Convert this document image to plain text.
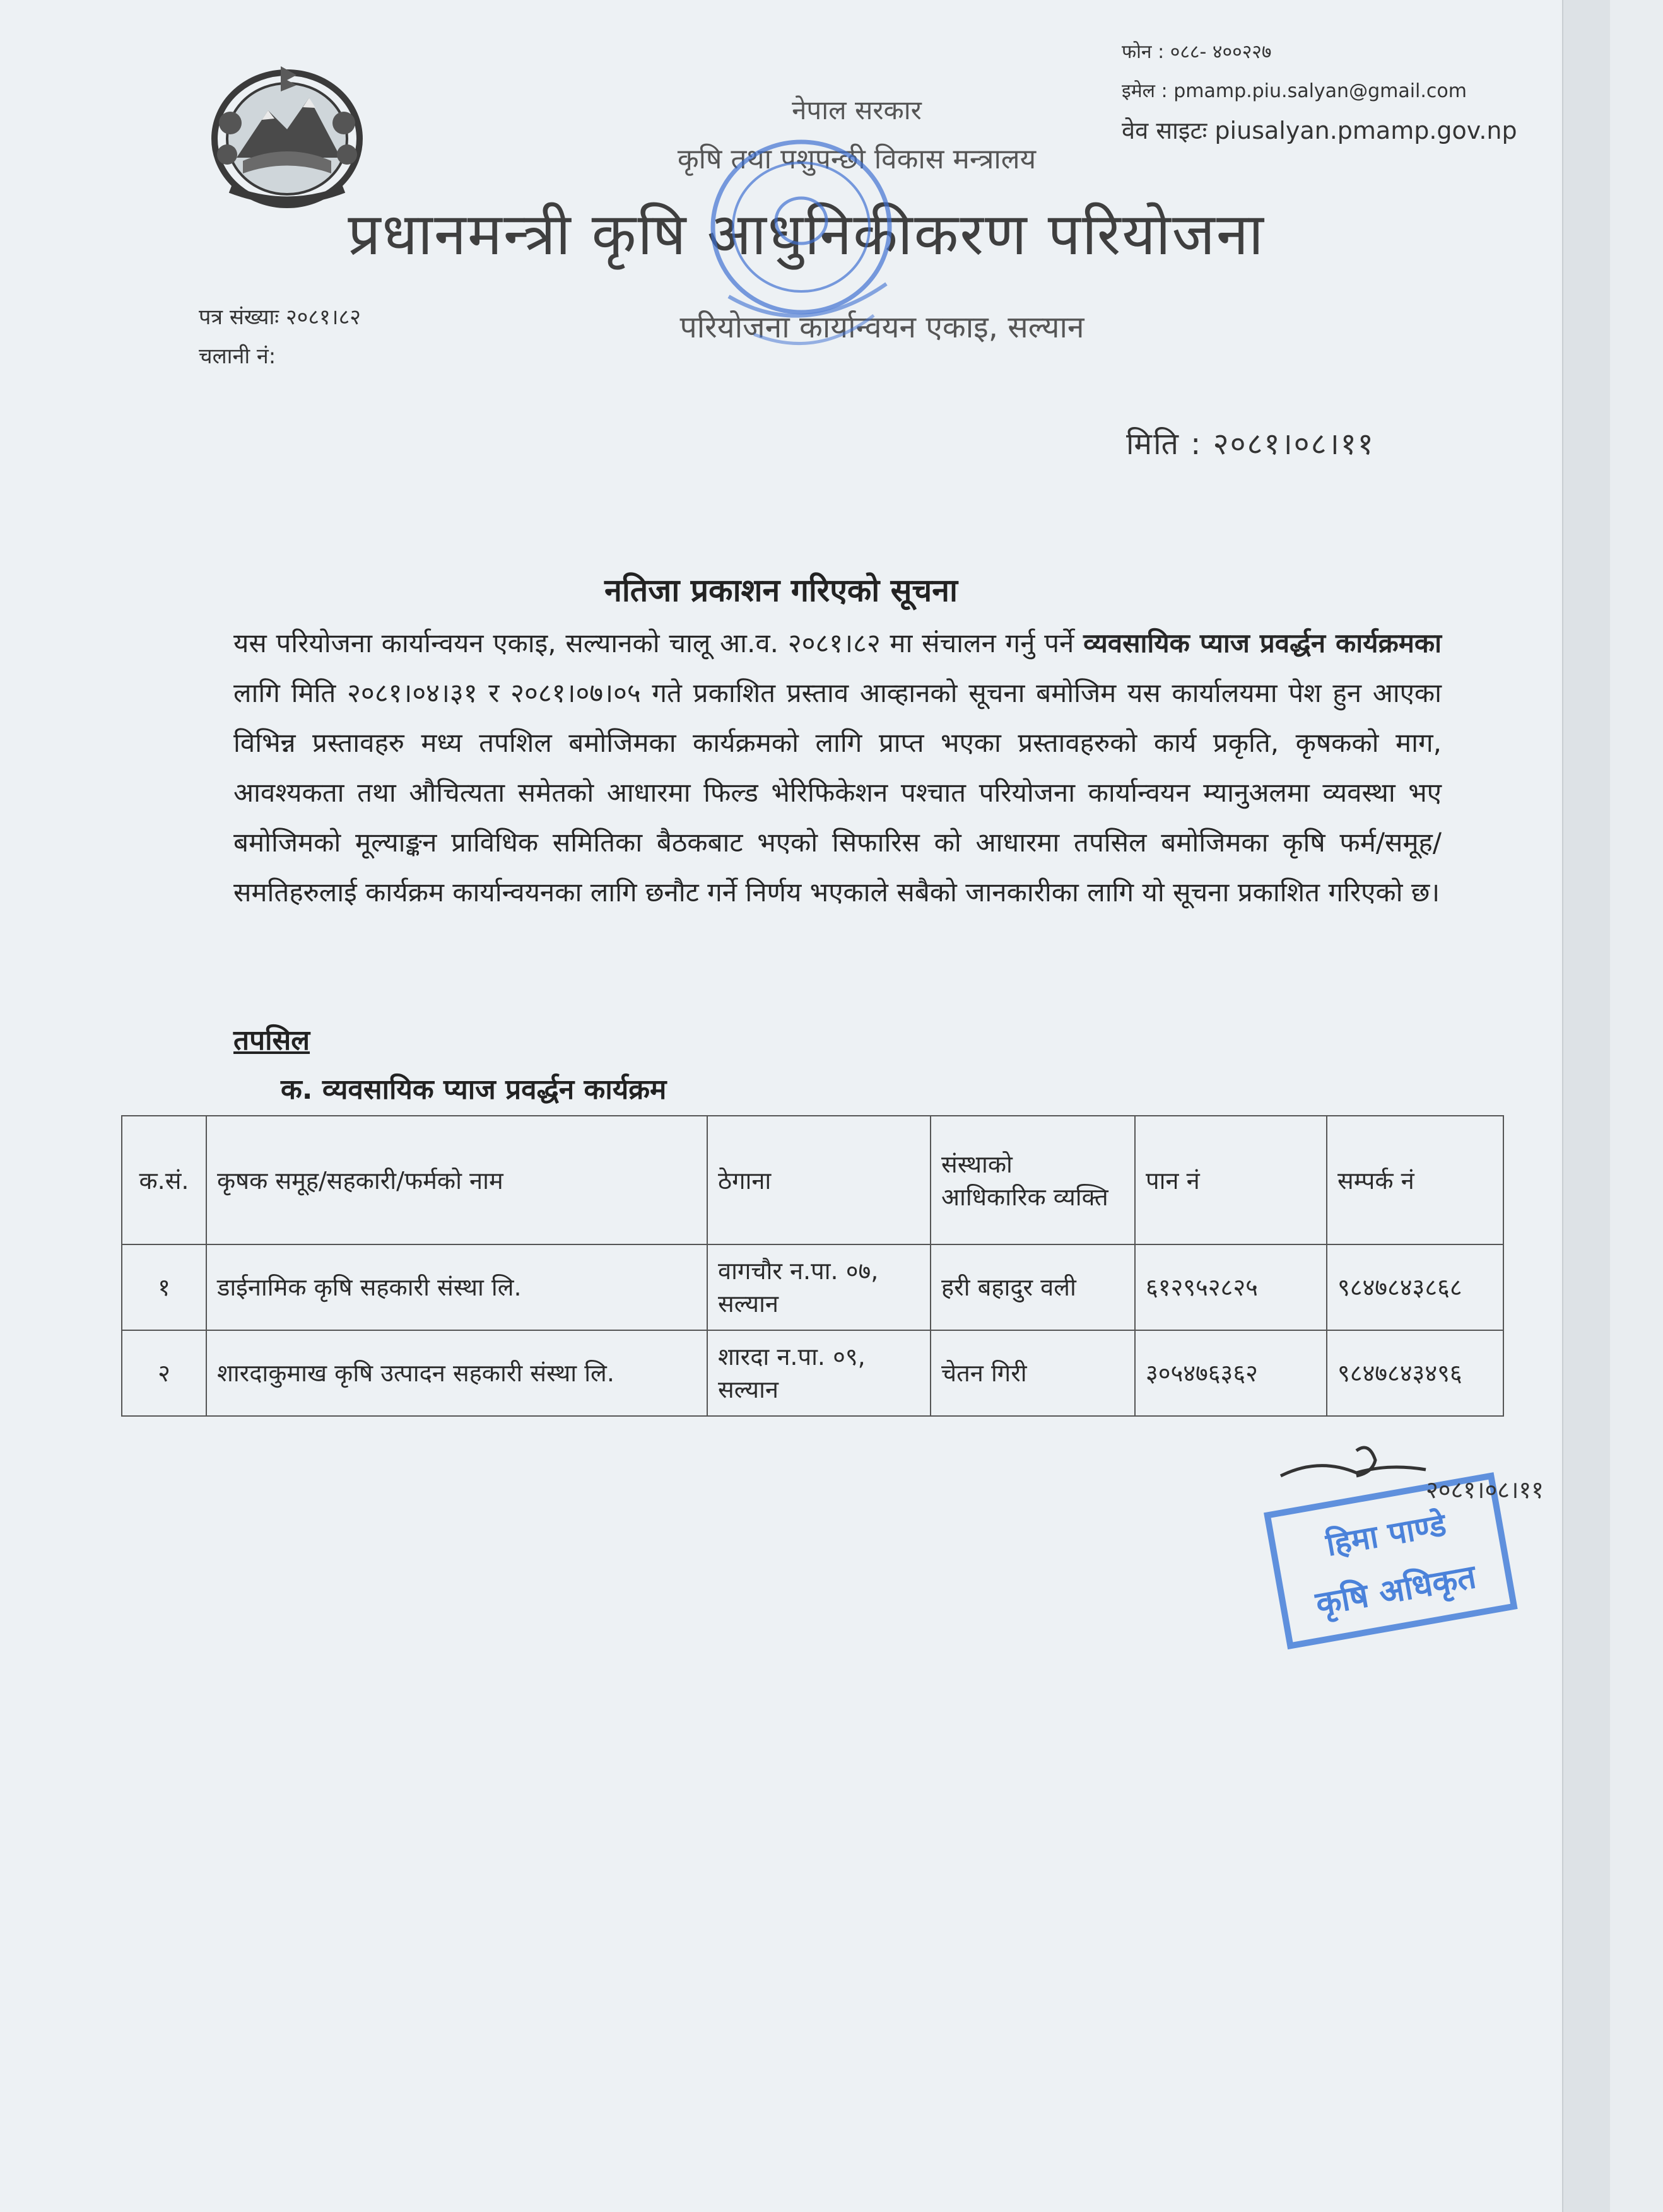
फोन : ०८८- ४००२२७
इमेल : pmamp.piu.salyan@gmail.com
वेव साइटः piusalyan.pmamp.gov.np
नेपाल सरकार
कृषि तथा पशुपन्छी विकास मन्त्रालय
प्रधानमन्त्री कृषि आधुनिकीकरण परियोजना
परियोजना कार्यान्वयन एकाइ, सल्यान
पत्र संख्याः २०८१।८२
चलानी नं:
मिति : २०८१।०८।११
नतिजा प्रकाशन गरिएको सूचना
यस परियोजना कार्यान्वयन एकाइ, सल्यानको चालू आ.व. २०८१।८२ मा संचालन गर्नु पर्ने व्यवसायिक प्याज प्रवर्द्धन कार्यक्रमका लागि मिति २०८१।०४।३१ र २०८१।०७।०५ गते प्रकाशित प्रस्ताव आव्हानको सूचना बमोजिम यस कार्यालयमा पेश हुन आएका विभिन्न प्रस्तावहरु मध्य तपशिल बमोजिमका कार्यक्रमको लागि प्राप्त भएका प्रस्तावहरुको कार्य प्रकृति, कृषकको माग, आवश्यकता तथा औचित्यता समेतको आधारमा फिल्ड भेरिफिकेशन पश्चात परियोजना कार्यान्वयन म्यानुअलमा व्यवस्था भए बमोजिमको मूल्याङ्कन प्राविधिक समितिका बैठकबाट भएको सिफारिस को आधारमा तपसिल बमोजिमका कृषि फर्म/समूह/समतिहरुलाई कार्यक्रम कार्यान्वयनका लागि छनौट गर्ने निर्णय भएकाले सबैको जानकारीका लागि यो सूचना प्रकाशित गरिएको छ।
तपसिल
क. व्यवसायिक प्याज प्रवर्द्धन कार्यक्रम
क.सं.	कृषक समूह/सहकारी/फर्मको नाम	ठेगाना	संस्थाको आधिकारिक व्यक्ति	पान नं	सम्पर्क नं
१	डाईनामिक कृषि सहकारी संस्था लि.	वागचौर न.पा. ०७, सल्यान	हरी बहादुर वली	६१२९५२८२५	९८४७८४३८६८
२	शारदाकुमाख कृषि उत्पादन सहकारी संस्था लि.	शारदा न.पा. ०९, सल्यान	चेतन गिरी	३०५४७६३६२	९८४७८४३४९६
हिमा पाण्डे
कृषि अधिकृत
२०८१।०८।११
